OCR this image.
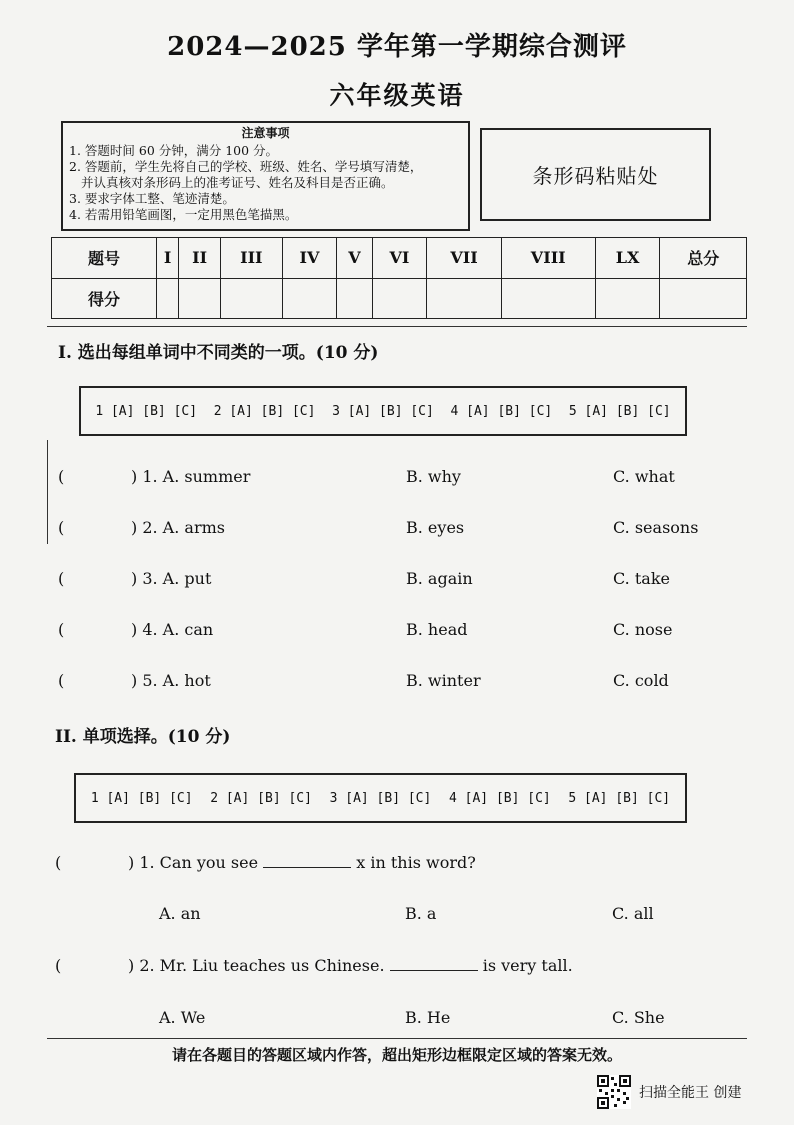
2024—2025 学年第一学期综合测评
六年级英语
注意事项
1. 答题时间 60 分钟，满分 100 分。
2. 答题前，学生先将自己的学校、班级、姓名、学号填写清楚，
并认真核对条形码上的准考证号、姓名及科目是否正确。
3. 要求字体工整、笔迹清楚。
4. 若需用铅笔画图，一定用黑色笔描黑。
条形码粘贴处
题号	I	II	III	IV	V	VI	VII	VIII	LX	总分
得分										
I. 选出每组单词中不同类的一项。(10 分)
1 [A] [B] [C] 2 [A] [B] [C] 3 [A] [B] [C] 4 [A] [B] [C] 5 [A] [B] [C]
(	) 1. A. summer	B. why	C. what
(	) 2. A. arms	B. eyes	C. seasons
(	) 3. A. put	B. again	C. take
(	) 4. A. can	B. head	C. nose
(	) 5. A. hot	B. winter	C. cold
II. 单项选择。(10 分)
1 [A] [B] [C] 2 [A] [B] [C] 3 [A] [B] [C] 4 [A] [B] [C] 5 [A] [B] [C]
(	) 1. Can you see	x in this word?
A. an	B. a	C. all
(	) 2. Mr. Liu teaches us Chinese.	is very tall.
A. We	B. He	C. She
请在各题目的答题区域内作答，超出矩形边框限定区域的答案无效。
扫描全能王 创建
